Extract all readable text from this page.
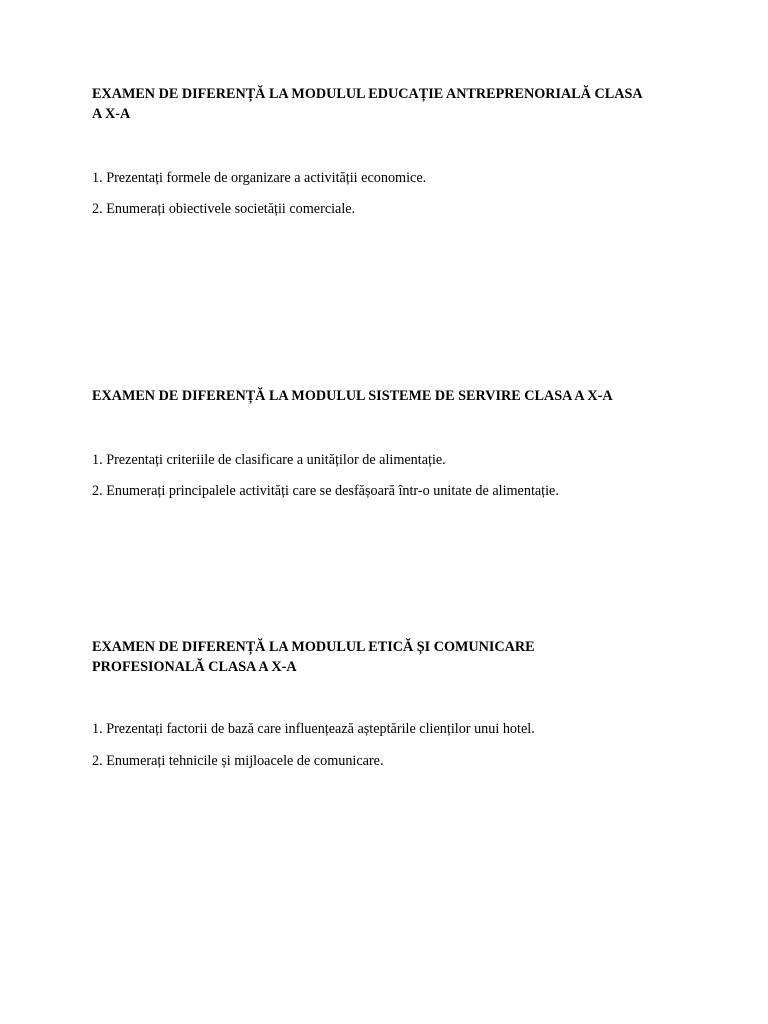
EXAMEN DE DIFERENȚĂ LA MODULUL EDUCAȚIE ANTREPRENORIALĂ CLASA A X-A

1. Prezentați formele de organizare a activității economice.

2. Enumerați obiectivele societății comerciale.

EXAMEN DE DIFERENȚĂ LA MODULUL SISTEME DE SERVIRE CLASA A X-A

1. Prezentați criteriile de clasificare a unităților de alimentație.

2. Enumerați principalele activități care se desfășoară într-o unitate de alimentație.

EXAMEN DE DIFERENȚĂ LA MODULUL ETICĂ ȘI COMUNICARE PROFESIONALĂ CLASA A X-A

1. Prezentați factorii de bază care influențează așteptările clienților unui hotel.

2. Enumerați tehnicile și mijloacele de comunicare.
